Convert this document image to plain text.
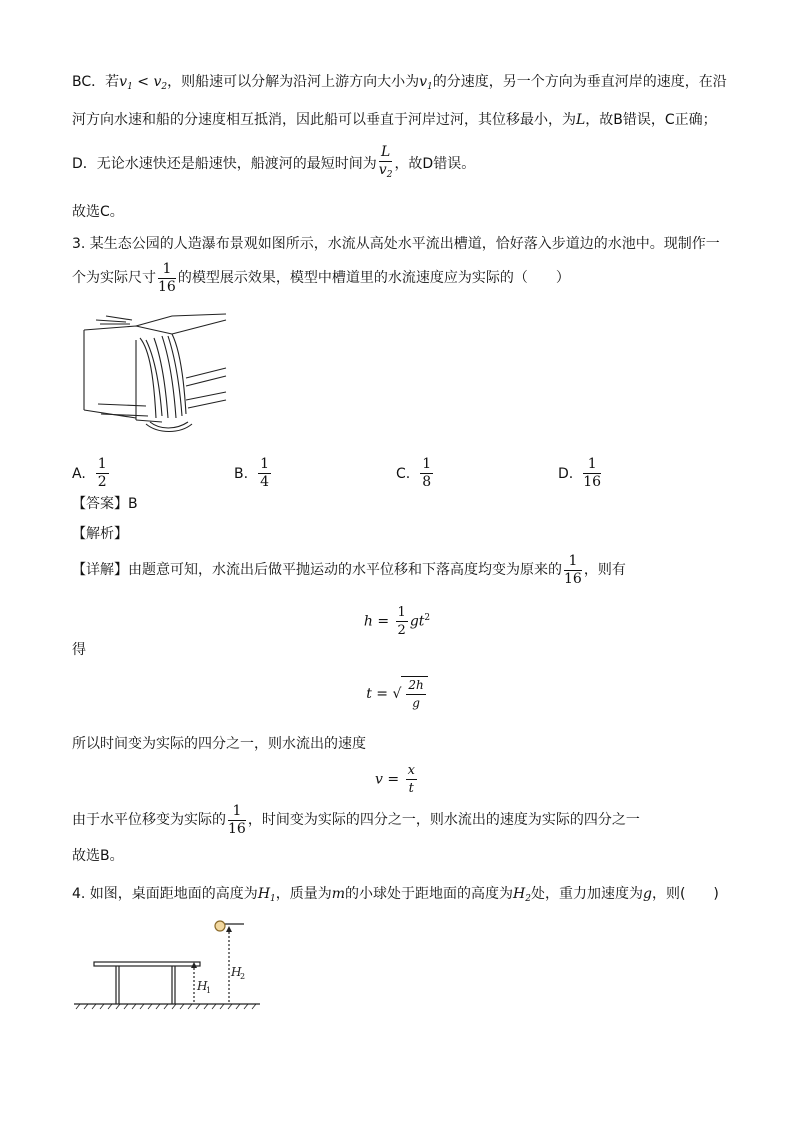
BC．若$v_1 < v_2$，则船速可以分解为沿河上游方向大小为$v_1$的分速度，另一个方向为垂直河岸的速度，在沿
河方向水速和船的分速度相互抵消，因此船可以垂直于河岸过河，其位移最小，为L，故B错误，C正确；
D．无论水速快还是船速快，船渡河的最短时间为 $\frac{L}{v_2}$ ，故D错误。
故选C。
3. 某生态公园的人造瀑布景观如图所示，水流从高处水平流出槽道，恰好落入步道边的水池中。现制作一
个为实际尺寸 $\frac{1}{16}$ 的模型展示效果，模型中槽道里的水流速度应为实际的（　　）
A. $\frac{1}{2}$	B. $\frac{1}{4}$	C. $\frac{1}{8}$	D. $\frac{1}{16}$
【答案】B
【解析】
【详解】由题意可知，水流出后做平抛运动的水平位移和下落高度均变为原来的 $\frac{1}{16}$ ，则有
$h = \frac{1}{2} gt^2$
得
t = √ $\frac{2h}{g}$
所以时间变为实际的四分之一，则水流出的速度
$v = \frac{x}{t}$
由于水平位移变为实际的 $\frac{1}{16}$ ，时间变为实际的四分之一，则水流出的速度为实际的四分之一
故选B。
4. 如图，桌面距地面的高度为$H_1$，质量为m的小球处于距地面的高度为$H_2$处，重力加速度为g，则(　　)
H
1
H
2
